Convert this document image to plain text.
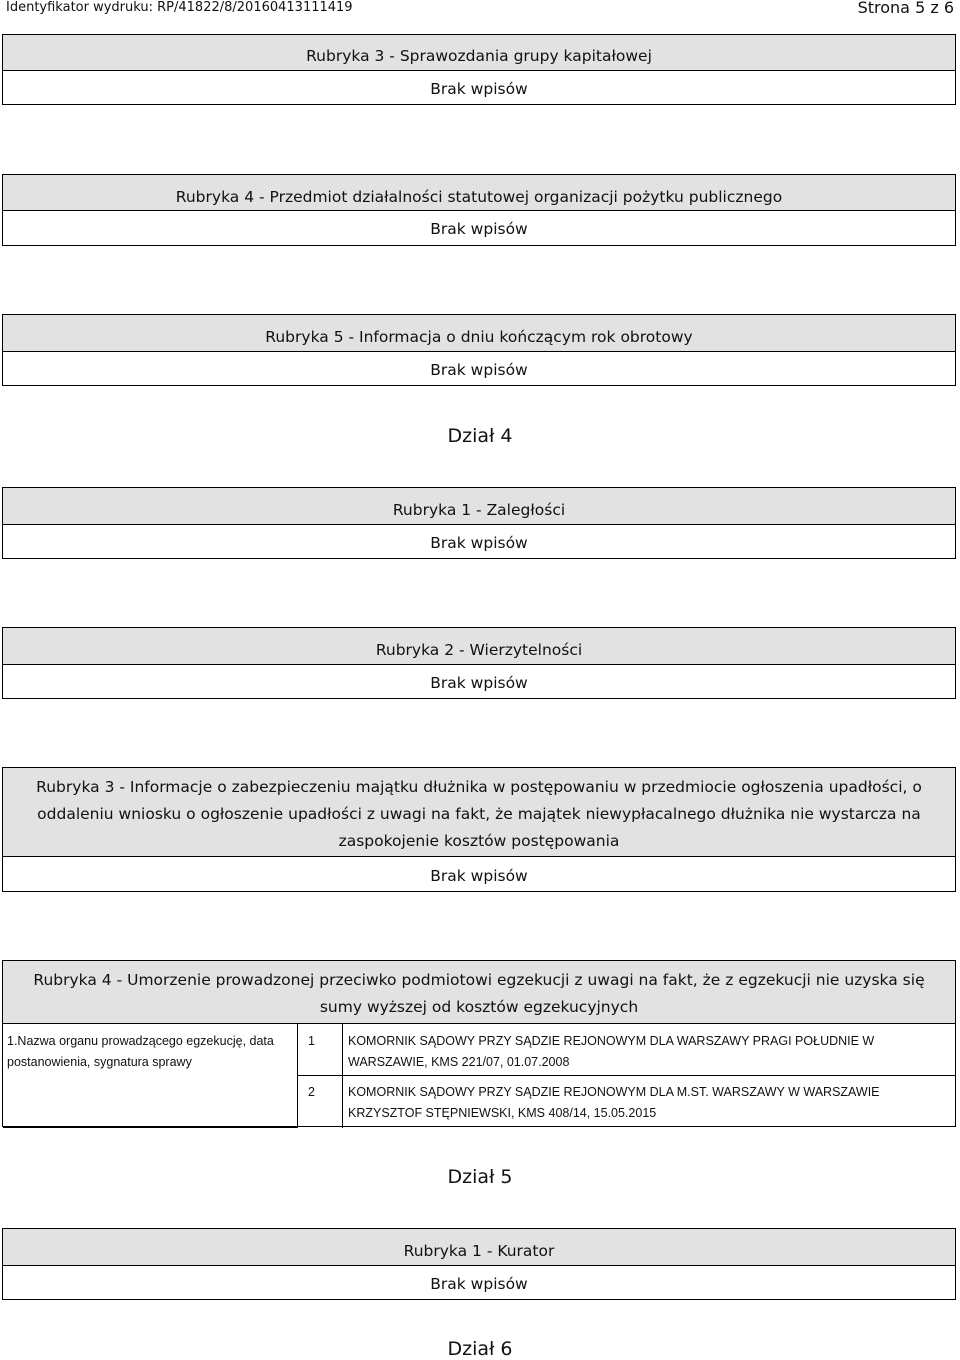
Identyfikator wydruku: RP/41822/8/20160413111419	Strona 5 z 6
Rubryka 3 - Sprawozdania grupy kapitałowej
Brak wpisów
Rubryka 4 - Przedmiot działalności statutowej organizacji pożytku publicznego
Brak wpisów
Rubryka 5 - Informacja o dniu kończącym rok obrotowy
Brak wpisów
Dział 4
Rubryka 1 - Zaległości
Brak wpisów
Rubryka 2 - Wierzytelności
Brak wpisów
Rubryka 3 - Informacje o zabezpieczeniu majątku dłużnika w postępowaniu w przedmiocie ogłoszenia upadłości, o oddaleniu wniosku o ogłoszenie upadłości z uwagi na fakt, że majątek niewypłacalnego dłużnika nie wystarcza na zaspokojenie kosztów postępowania
Brak wpisów
Rubryka 4 - Umorzenie prowadzonej przeciwko podmiotowi egzekucji z uwagi na fakt, że z egzekucji nie uzyska się sumy wyższej od kosztów egzekucyjnych
1.Nazwa organu prowadzącego egzekucję, data postanowienia, sygnatura sprawy	1	KOMORNIK SĄDOWY PRZY SĄDZIE REJONOWYM DLA WARSZAWY PRAGI POŁUDNIE W WARSZAWIE, KMS 221/07, 01.07.2008
	2	KOMORNIK SĄDOWY PRZY SĄDZIE REJONOWYM DLA M.ST. WARSZAWY W WARSZAWIE KRZYSZTOF STĘPNIEWSKI, KMS 408/14, 15.05.2015
Dział 5
Rubryka 1 - Kurator
Brak wpisów
Dział 6
